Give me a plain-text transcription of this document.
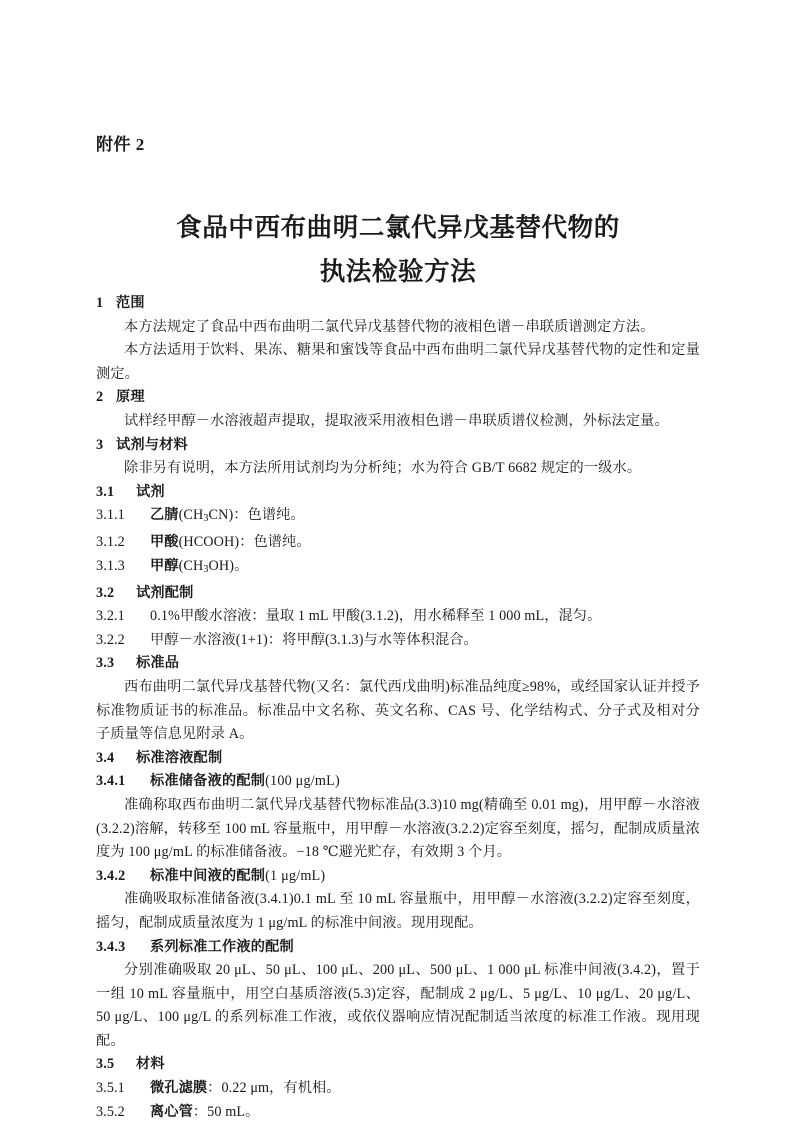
附件 2
食品中西布曲明二氯代异戊基替代物的
执法检验方法
1 范围

本方法规定了食品中西布曲明二氯代异戊基替代物的液相色谱－串联质谱测定方法。

本方法适用于饮料、果冻、糖果和蜜饯等食品中西布曲明二氯代异戊基替代物的定性和定量测定。

2 原理

试样经甲醇－水溶液超声提取，提取液采用液相色谱－串联质谱仪检测，外标法定量。

3 试剂与材料

除非另有说明，本方法所用试剂均为分析纯；水为符合 GB/T 6682 规定的一级水。

3.1 试剂
3.1.1 乙腈$(CH_3CN)$：色谱纯。
3.1.2 甲酸(HCOOH)：色谱纯。
3.1.3 甲醇$(CH_3OH)$。
3.2 试剂配制
3.2.1 0.1%甲酸水溶液：量取 1 mL 甲酸(3.1.2)，用水稀释至 1 000 mL，混匀。
3.2.2 甲醇－水溶液(1+1)：将甲醇(3.1.3)与水等体积混合。
3.3 标准品

西布曲明二氯代异戊基替代物(又名：氯代西戊曲明)标准品纯度≥98%，或经国家认证并授予标准物质证书的标准品。标准品中文名称、英文名称、CAS 号、化学结构式、分子式及相对分子质量等信息见附录 A。

3.4 标准溶液配制
3.4.1 标准储备液的配制(100 μg/mL)

准确称取西布曲明二氯代异戊基替代物标准品(3.3)10 mg(精确至 0.01 mg)，用甲醇－水溶液(3.2.2)溶解，转移至 100 mL 容量瓶中，用甲醇－水溶液(3.2.2)定容至刻度，摇匀，配制成质量浓度为 100 μg/mL 的标准储备液。−18 ℃避光贮存，有效期 3 个月。

3.4.2 标准中间液的配制(1 μg/mL)

准确吸取标准储备液(3.4.1)0.1 mL 至 10 mL 容量瓶中，用甲醇－水溶液(3.2.2)定容至刻度，摇匀，配制成质量浓度为 1 μg/mL 的标准中间液。现用现配。

3.4.3 系列标准工作液的配制

分别准确吸取 20 μL、50 μL、100 μL、200 μL、500 μL、1 000 μL 标准中间液(3.4.2)，置于一组 10 mL 容量瓶中，用空白基质溶液(5.3)定容，配制成 2 μg/L、5 μg/L、10 μg/L、20 μg/L、50 μg/L、100 μg/L 的系列标准工作液，或依仪器响应情况配制适当浓度的标准工作液。现用现配。

3.5 材料
3.5.1 微孔滤膜：0.22 μm，有机相。
3.5.2 离心管：50 mL。
